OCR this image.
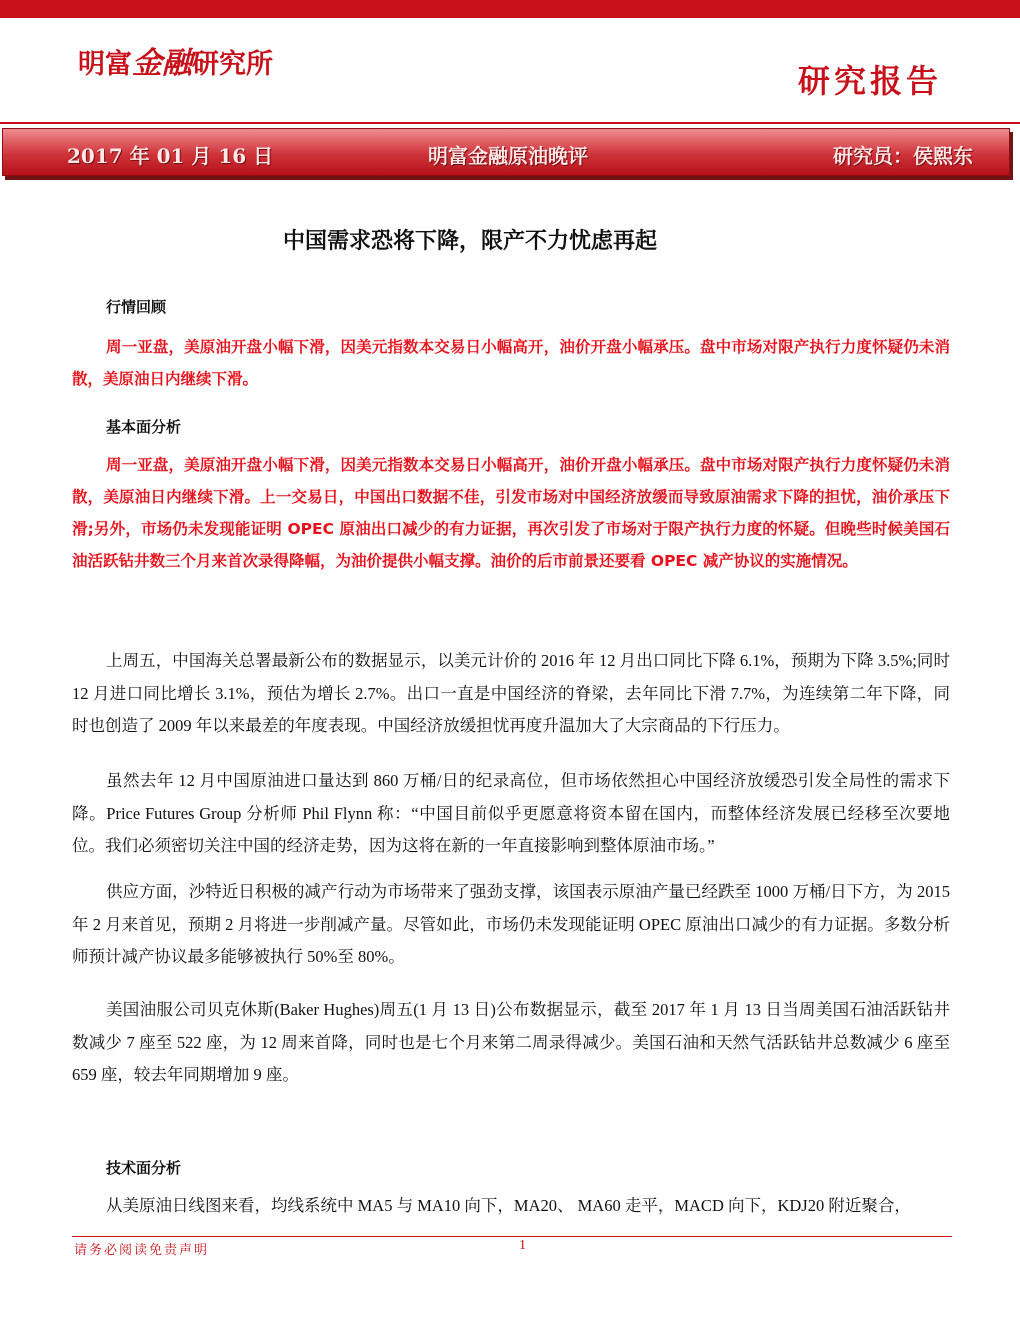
明富金融研究所	研究报告
2017 年 01 月 16 日	明富金融原油晚评	研究员：侯熙东
中国需求恐将下降，限产不力忧虑再起
行情回顾

周一亚盘，美原油开盘小幅下滑，因美元指数本交易日小幅高开，油价开盘小幅承压。盘中市场对限产执行力度怀疑仍未消散，美原油日内继续下滑。

基本面分析

周一亚盘，美原油开盘小幅下滑，因美元指数本交易日小幅高开，油价开盘小幅承压。盘中市场对限产执行力度怀疑仍未消散，美原油日内继续下滑。上一交易日，中国出口数据不佳，引发市场对中国经济放缓而导致原油需求下降的担忧，油价承压下滑;另外，市场仍未发现能证明 OPEC 原油出口减少的有力证据，再次引发了市场对于限产执行力度的怀疑。但晚些时候美国石油活跃钻井数三个月来首次录得降幅，为油价提供小幅支撑。油价的后市前景还要看 OPEC 减产协议的实施情况。

上周五，中国海关总署最新公布的数据显示，以美元计价的 2016 年 12 月出口同比下降 6.1%，预期为下降 3.5%;同时 12 月进口同比增长 3.1%，预估为增长 2.7%。出口一直是中国经济的脊梁，去年同比下滑 7.7%，为连续第二年下降，同时也创造了 2009 年以来最差的年度表现。中国经济放缓担忧再度升温加大了大宗商品的下行压力。

虽然去年 12 月中国原油进口量达到 860 万桶/日的纪录高位，但市场依然担心中国经济放缓恐引发全局性的需求下降。Price Futures Group 分析师 Phil Flynn 称：“中国目前似乎更愿意将资本留在国内，而整体经济发展已经移至次要地位。我们必须密切关注中国的经济走势，因为这将在新的一年直接影响到整体原油市场。”

供应方面，沙特近日积极的减产行动为市场带来了强劲支撑，该国表示原油产量已经跌至 1000 万桶/日下方，为 2015 年 2 月来首见，预期 2 月将进一步削减产量。尽管如此，市场仍未发现能证明 OPEC 原油出口减少的有力证据。多数分析师预计减产协议最多能够被执行 50%至 80%。

美国油服公司贝克休斯(Baker Hughes)周五(1 月 13 日)公布数据显示，截至 2017 年 1 月 13 日当周美国石油活跃钻井数减少 7 座至 522 座，为 12 周来首降，同时也是七个月来第二周录得减少。美国石油和天然气活跃钻井总数减少 6 座至 659 座，较去年同期增加 9 座。

技术面分析

从美原油日线图来看，均线系统中 MA5 与 MA10 向下，MA20、 MA60 走平，MACD 向下，KDJ20 附近聚合，

请务必阅读免责声明	1
